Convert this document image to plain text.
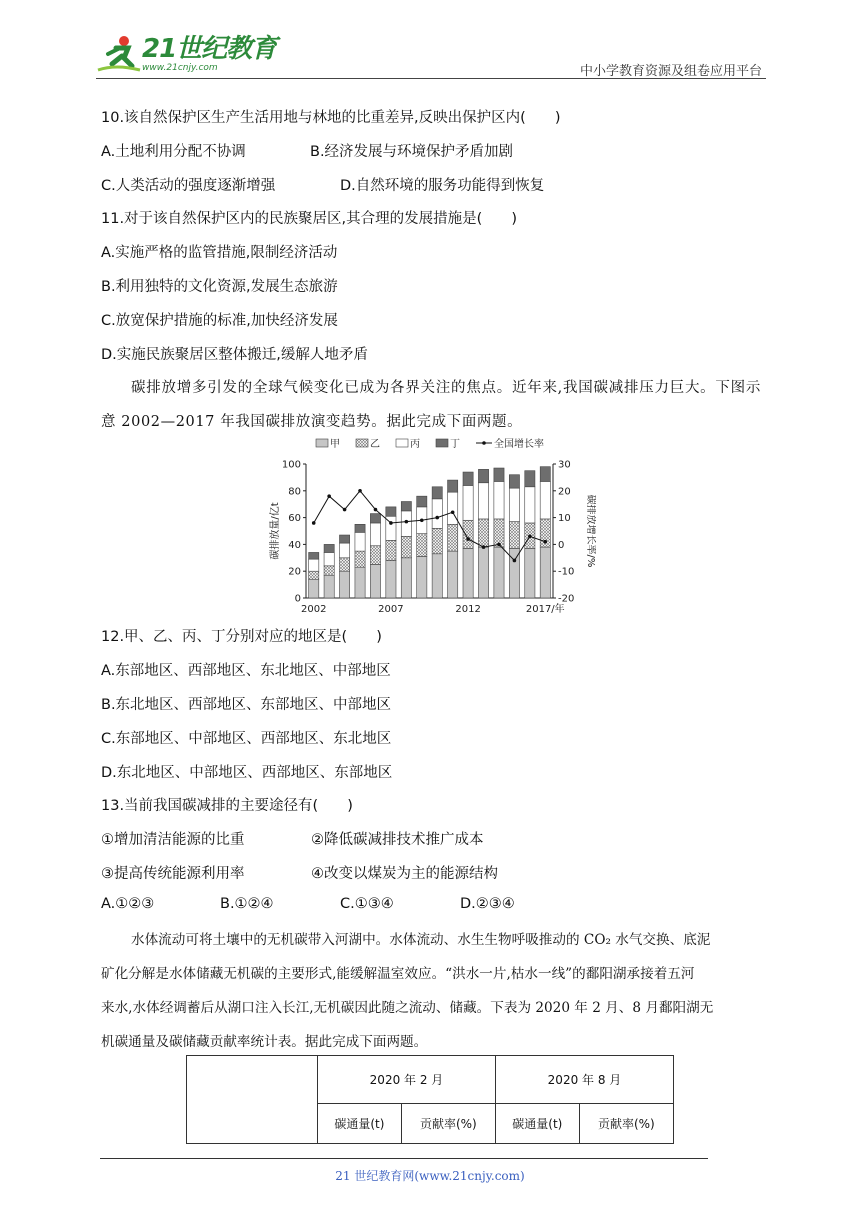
21世纪教育
www.21cnjy.com	中小学教育资源及组卷应用平台
10.该自然保护区生产生活用地与林地的比重差异,反映出保护区内(　　)
A.土地利用分配不协调	B.经济发展与环境保护矛盾加剧
C.人类活动的强度逐渐增强	D.自然环境的服务功能得到恢复
11.对于该自然保护区内的民族聚居区,其合理的发展措施是(　　)
A.实施严格的监管措施,限制经济活动
B.利用独特的文化资源,发展生态旅游
C.放宽保护措施的标准,加快经济发展
D.实施民族聚居区整体搬迁,缓解人地矛盾
碳排放增多引发的全球气候变化已成为各界关注的焦点。近年来,我国碳减排压力巨大。下图示意 2002—2017 年我国碳排放演变趋势。据此完成下面两题。
0
20
40
60
80
100
-20
-10
0
10
20
30
碳排放量/亿t	碳排放增长率/%
2002	2007	2012	2017/年
甲	乙	丙	丁	全国增长率
12.甲、乙、丙、丁分别对应的地区是(　　)
A.东部地区、西部地区、东北地区、中部地区
B.东北地区、西部地区、东部地区、中部地区
C.东部地区、中部地区、西部地区、东北地区
D.东北地区、中部地区、西部地区、东部地区
13.当前我国碳减排的主要途径有(　　)
①增加清洁能源的比重	②降低碳减排技术推广成本
③提高传统能源利用率	④改变以煤炭为主的能源结构
A.①②③	B.①②④	C.①③④	D.②③④
水体流动可将土壤中的无机碳带入河湖中。水体流动、水生生物呼吸推动的 CO₂ 水气交换、底泥
矿化分解是水体储藏无机碳的主要形式,能缓解温室效应。“洪水一片,枯水一线”的鄱阳湖承接着五河
来水,水体经调蓄后从湖口注入长江,无机碳因此随之流动、储藏。下表为 2020 年 2 月、8 月鄱阳湖无
机碳通量及碳储藏贡献率统计表。据此完成下面两题。
	2020 年 2 月		2020 年 8 月	
	碳通量(t)	贡献率(%)	碳通量(t)	贡献率(%)
21 世纪教育网(www.21cnjy.com)
